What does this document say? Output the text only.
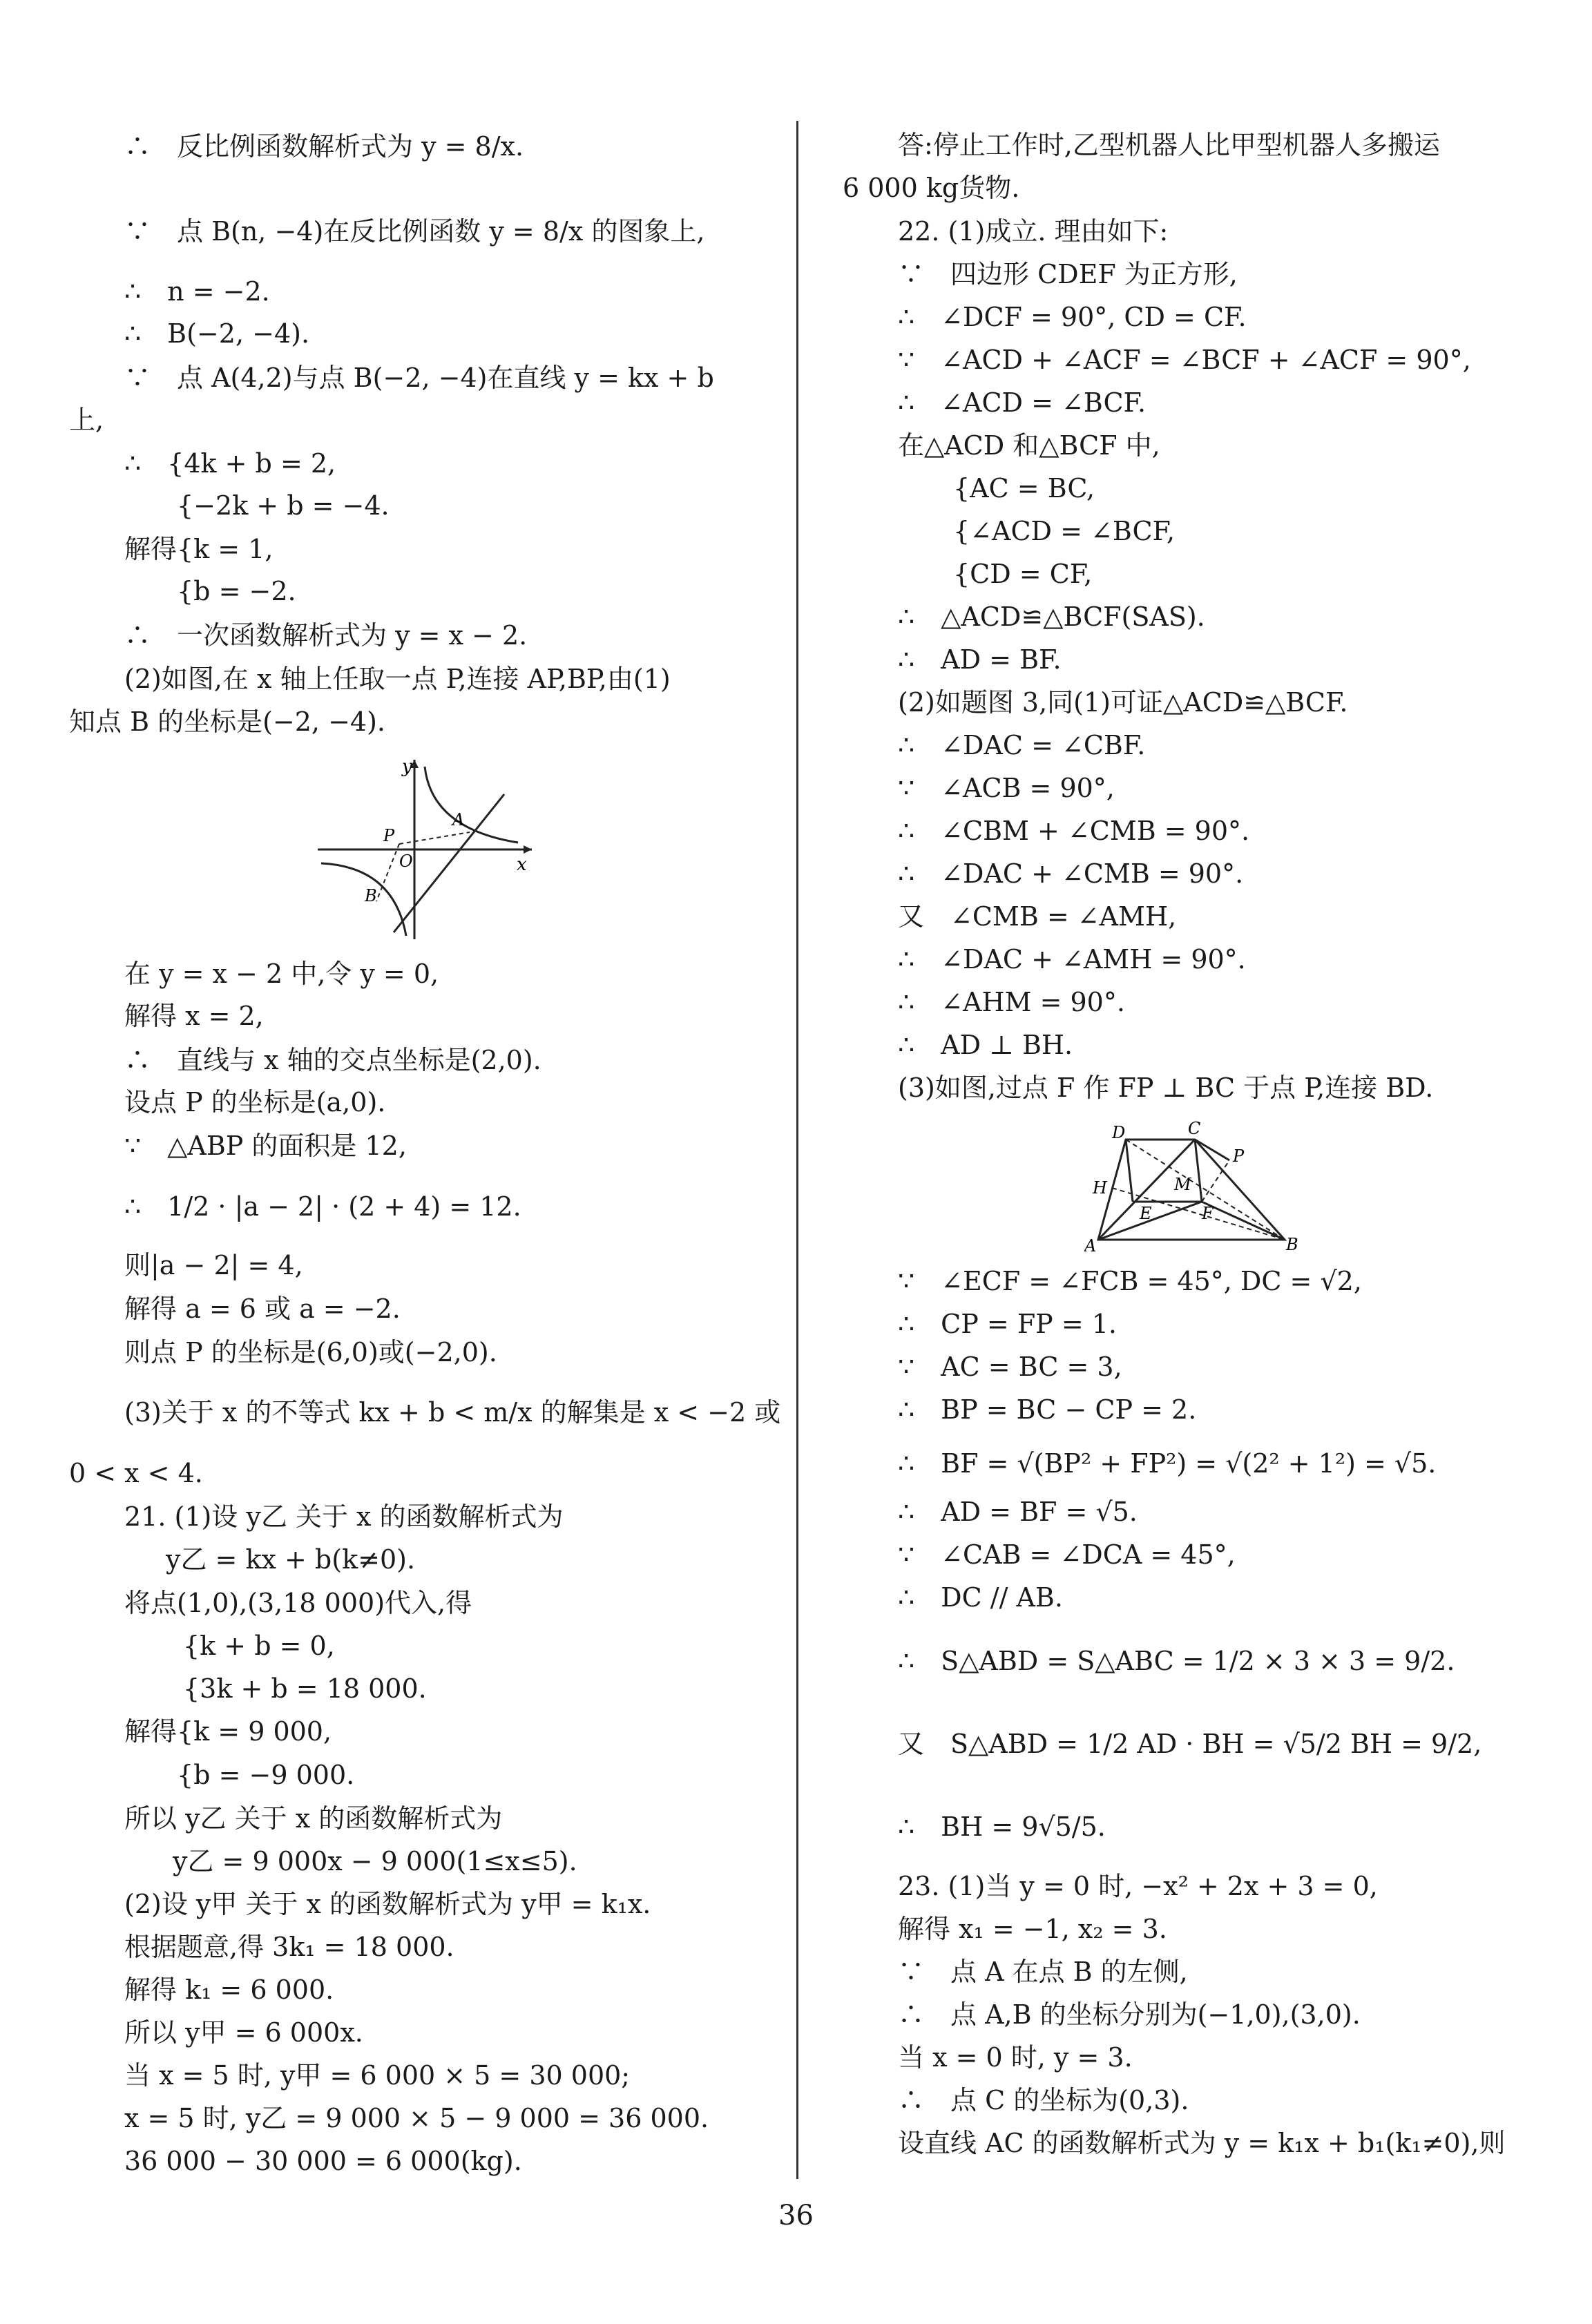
∴　反比例函数解析式为 y = 8/x.
∵　点 B(n, −4)在反比例函数 y = 8/x 的图象上,
∴　n = −2.
∴　B(−2, −4).
∵　点 A(4,2)与点 B(−2, −4)在直线 y = kx + b
上,
∴　{4k + b = 2,
　　{−2k + b = −4.
解得{k = 1,
　　{b = −2.
∴　一次函数解析式为 y = x − 2.
(2)如图,在 x 轴上任取一点 P,连接 AP,BP,由(1)
知点 B 的坐标是(−2, −4).
y
x
O
P
A
B
在 y = x − 2 中,令 y = 0,
解得 x = 2,
∴　直线与 x 轴的交点坐标是(2,0).
设点 P 的坐标是(a,0).
∵　△ABP 的面积是 12,
∴　1/2 · |a − 2| · (2 + 4) = 12.
则|a − 2| = 4,
解得 a = 6 或 a = −2.
则点 P 的坐标是(6,0)或(−2,0).
(3)关于 x 的不等式 kx + b < m/x 的解集是 x < −2 或
0 < x < 4.
21. (1)设 y乙 关于 x 的函数解析式为
y乙 = kx + b(k≠0).
将点(1,0),(3,18 000)代入,得
{k + b = 0,
{3k + b = 18 000.
解得{k = 9 000,
　　{b = −9 000.
所以 y乙 关于 x 的函数解析式为
y乙 = 9 000x − 9 000(1≤x≤5).
(2)设 y甲 关于 x 的函数解析式为 y甲 = k₁x.
根据题意,得 3k₁ = 18 000.
解得 k₁ = 6 000.
所以 y甲 = 6 000x.
当 x = 5 时, y甲 = 6 000 × 5 = 30 000;
x = 5 时, y乙 = 9 000 × 5 − 9 000 = 36 000.
36 000 − 30 000 = 6 000(kg).
答:停止工作时,乙型机器人比甲型机器人多搬运
6 000 kg货物.
22. (1)成立. 理由如下:
∵　四边形 CDEF 为正方形,
∴　∠DCF = 90°, CD = CF.
∵　∠ACD + ∠ACF = ∠BCF + ∠ACF = 90°,
∴　∠ACD = ∠BCF.
在△ACD 和△BCF 中,
{AC = BC,
{∠ACD = ∠BCF,
{CD = CF,
∴　△ACD≌△BCF(SAS).
∴　AD = BF.
(2)如题图 3,同(1)可证△ACD≌△BCF.
∴　∠DAC = ∠CBF.
∵　∠ACB = 90°,
∴　∠CBM + ∠CMB = 90°.
∴　∠DAC + ∠CMB = 90°.
又　∠CMB = ∠AMH,
∴　∠DAC + ∠AMH = 90°.
∴　∠AHM = 90°.
∴　AD ⊥ BH.
(3)如图,过点 F 作 FP ⊥ BC 于点 P,连接 BD.
D	C
H	M
P
E	F
A	B
∵　∠ECF = ∠FCB = 45°, DC = √2,
∴　CP = FP = 1.
∵　AC = BC = 3,
∴　BP = BC − CP = 2.
∴　BF = √(BP² + FP²) = √(2² + 1²) = √5.
∴　AD = BF = √5.
∵　∠CAB = ∠DCA = 45°,
∴　DC // AB.
∴　S△ABD = S△ABC = 1/2 × 3 × 3 = 9/2.
又　S△ABD = 1/2 AD · BH = √5/2 BH = 9/2,
∴　BH = 9√5/5.
23. (1)当 y = 0 时, −x² + 2x + 3 = 0,
解得 x₁ = −1, x₂ = 3.
∵　点 A 在点 B 的左侧,
∴　点 A,B 的坐标分别为(−1,0),(3,0).
当 x = 0 时, y = 3.
∴　点 C 的坐标为(0,3).
设直线 AC 的函数解析式为 y = k₁x + b₁(k₁≠0),则
36
